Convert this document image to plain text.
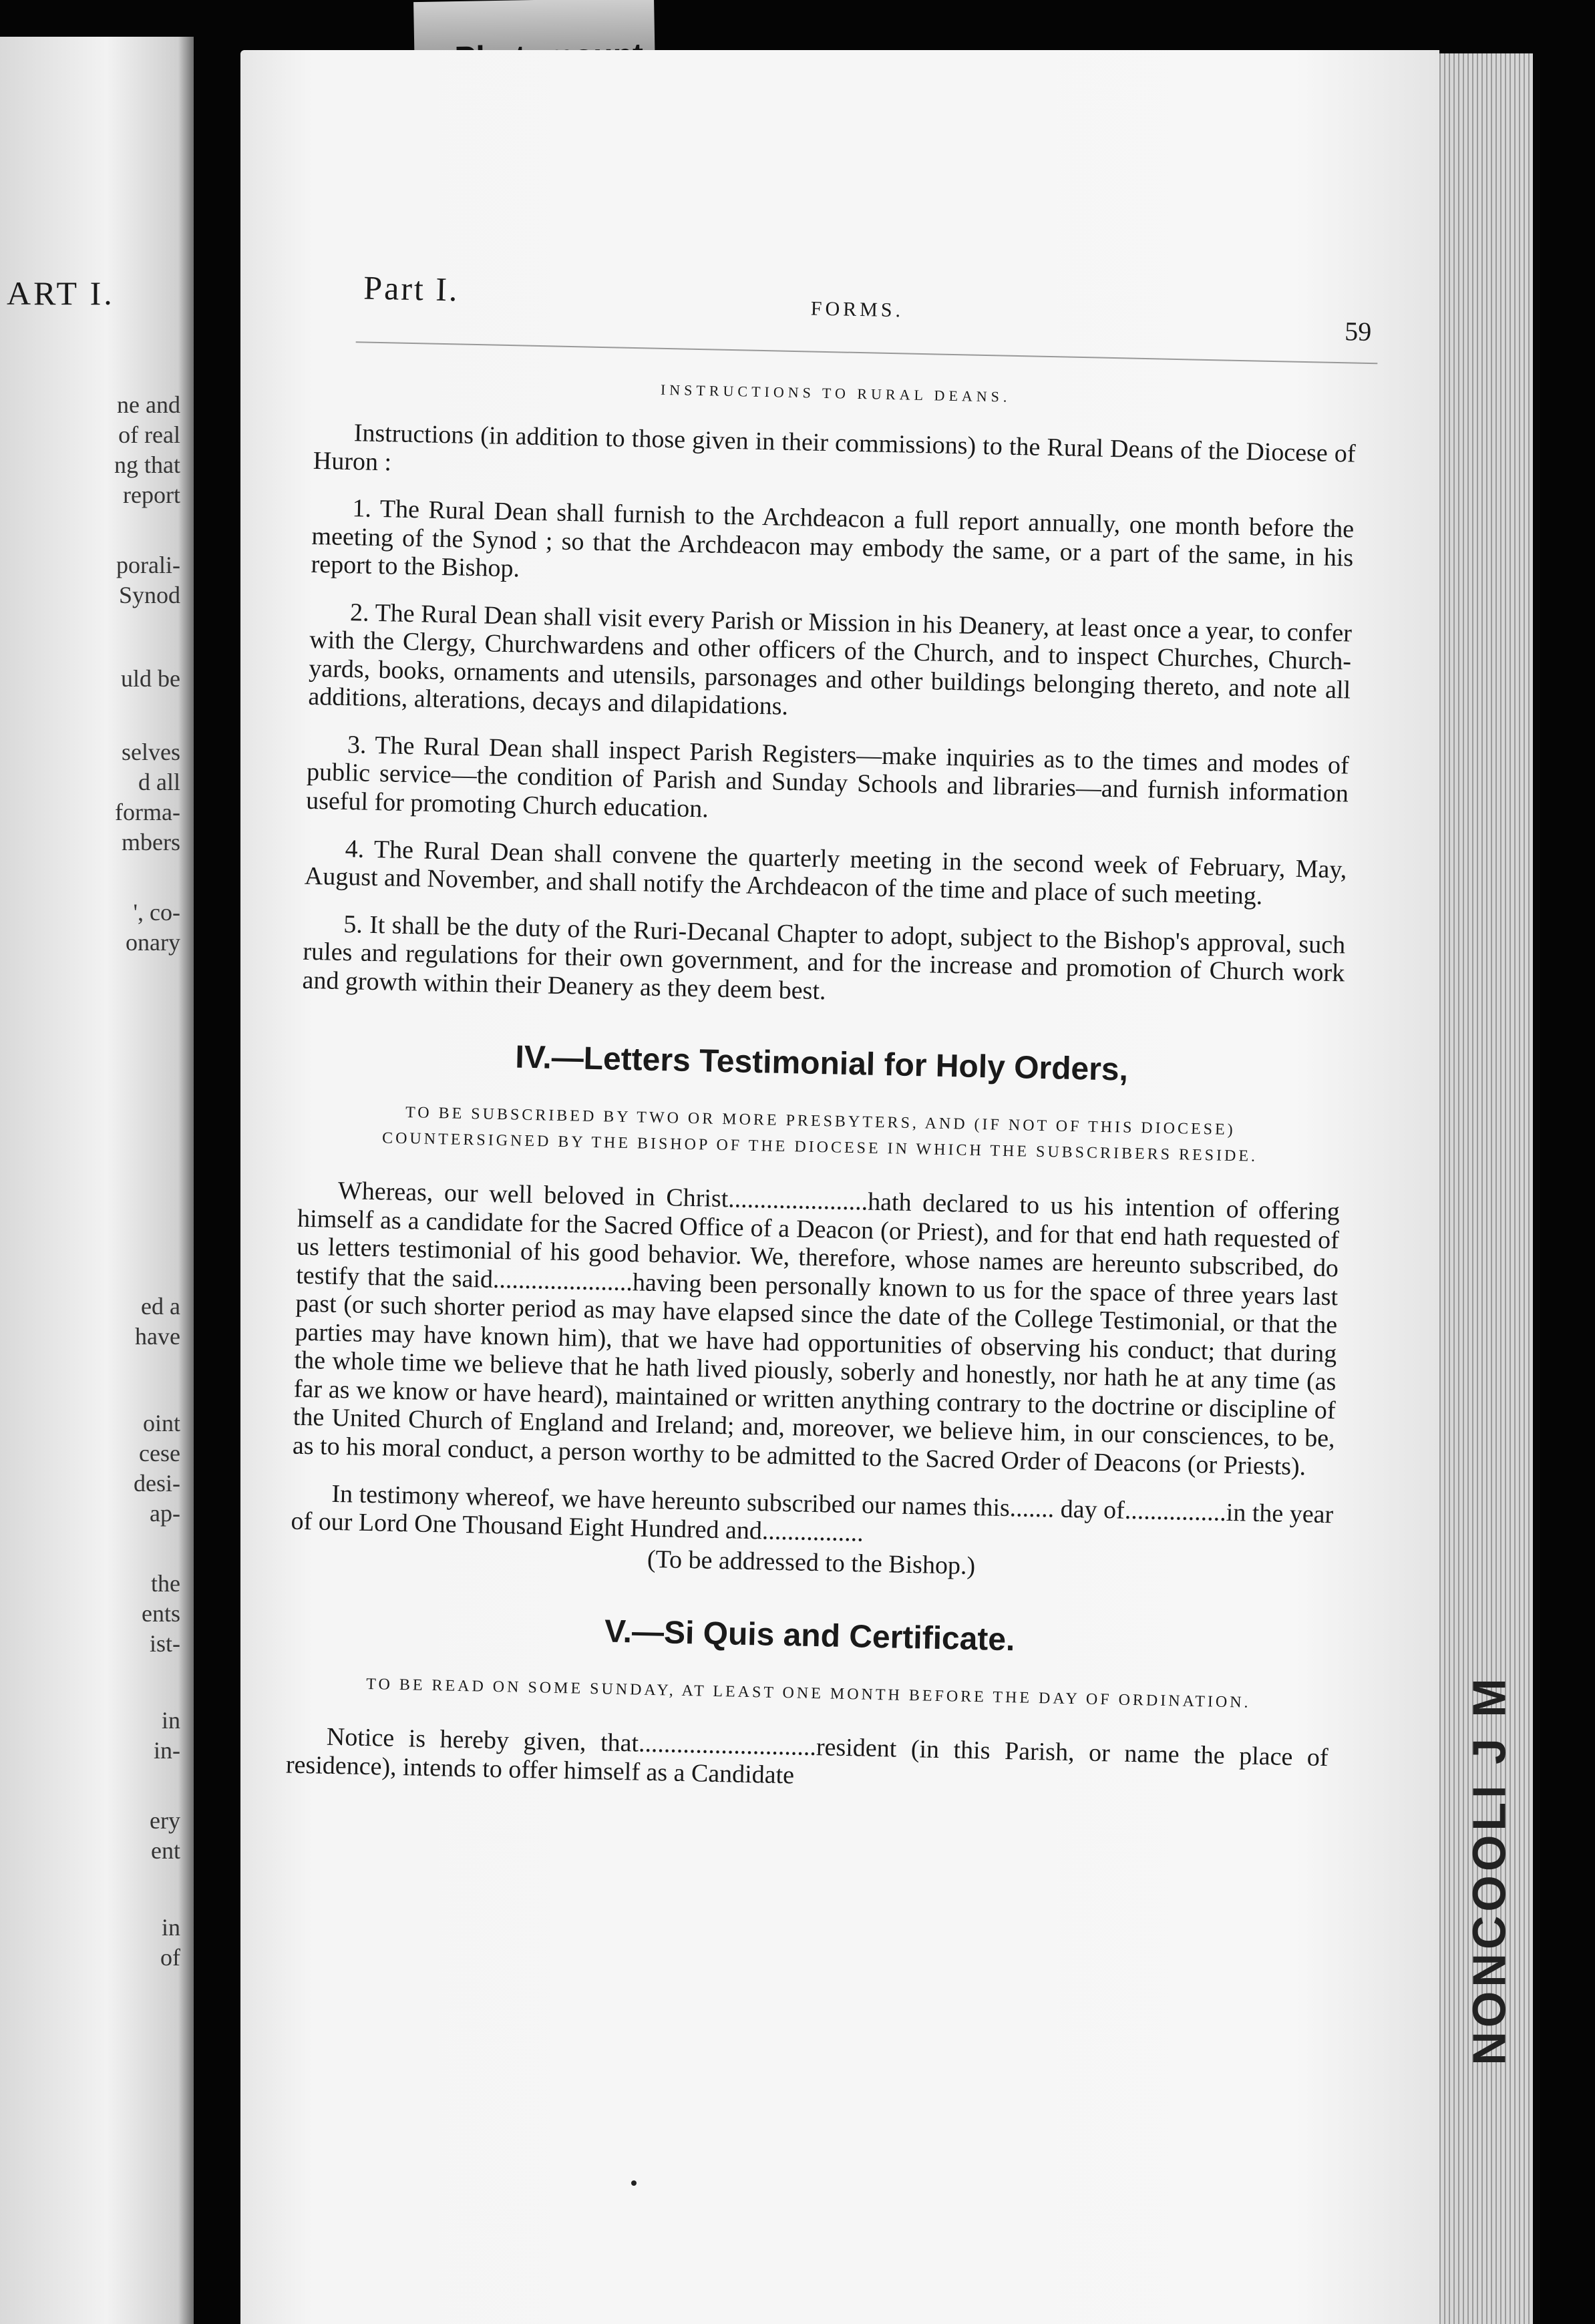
ART I.
ne and
of real
ng that
report
porali-
Synod
uld be
selves
d all
forma-
mbers
', co-
onary
ed a
have
oint
cese
desi-
ap-
the
ents
ist-
in
in-
ery
ent
in
of	NONCOOLI J M
Part I.
FORMS.
59
INSTRUCTIONS TO RURAL DEANS.

Instructions (in addition to those given in their commissions) to the Rural Deans of the Diocese of Huron :

1. The Rural Dean shall furnish to the Archdeacon a full report annually, one month before the meeting of the Synod ; so that the Archdeacon may embody the same, or a part of the same, in his report to the Bishop.

2. The Rural Dean shall visit every Parish or Mission in his Deanery, at least once a year, to confer with the Clergy, Churchwardens and other officers of the Church, and to inspect Churches, Church-yards, books, ornaments and utensils, parsonages and other buildings belonging thereto, and note all additions, alterations, decays and dilapidations.

3. The Rural Dean shall inspect Parish Registers—make inquiries as to the times and modes of public service—the condition of Parish and Sunday Schools and libraries—and furnish information useful for promoting Church education.

4. The Rural Dean shall convene the quarterly meeting in the second week of February, May, August and November, and shall notify the Archdeacon of the time and place of such meeting.

5. It shall be the duty of the Ruri-Decanal Chapter to adopt, subject to the Bishop's approval, such rules and regulations for their own government, and for the increase and promotion of Church work and growth within their Deanery as they deem best.

IV.—Letters Testimonial for Holy Orders,
TO BE SUBSCRIBED BY TWO OR MORE PRESBYTERS, AND (IF NOT OF THIS DIOCESE) COUNTERSIGNED BY THE BISHOP OF THE DIOCESE IN WHICH THE SUBSCRIBERS RESIDE.

Whereas, our well beloved in Christ......................hath declared to us his intention of offering himself as a candidate for the Sacred Office of a Deacon (or Priest), and for that end hath requested of us letters testimonial of his good behavior. We, therefore, whose names are hereunto subscribed, do testify that the said......................having been personally known to us for the space of three years last past (or such shorter period as may have elapsed since the date of the College Testimonial, or that the parties may have known him), that we have had opportunities of observing his conduct; that during the whole time we believe that he hath lived piously, soberly and honestly, nor hath he at any time (as far as we know or have heard), maintained or written anything contrary to the doctrine or discipline of the United Church of England and Ireland; and, moreover, we believe him, in our consciences, to be, as to his moral conduct, a person worthy to be admitted to the Sacred Order of Deacons (or Priests).

In testimony whereof, we have hereunto subscribed our names this....... day of................in the year of our Lord One Thousand Eight Hundred and................

(To be addressed to the Bishop.)
V.—Si Quis and Certificate.
TO BE READ ON SOME SUNDAY, AT LEAST ONE MONTH BEFORE THE DAY OF ORDINATION.

Notice is hereby given, that............................resident (in this Parish, or name the place of residence), intends to offer himself as a Candidate
